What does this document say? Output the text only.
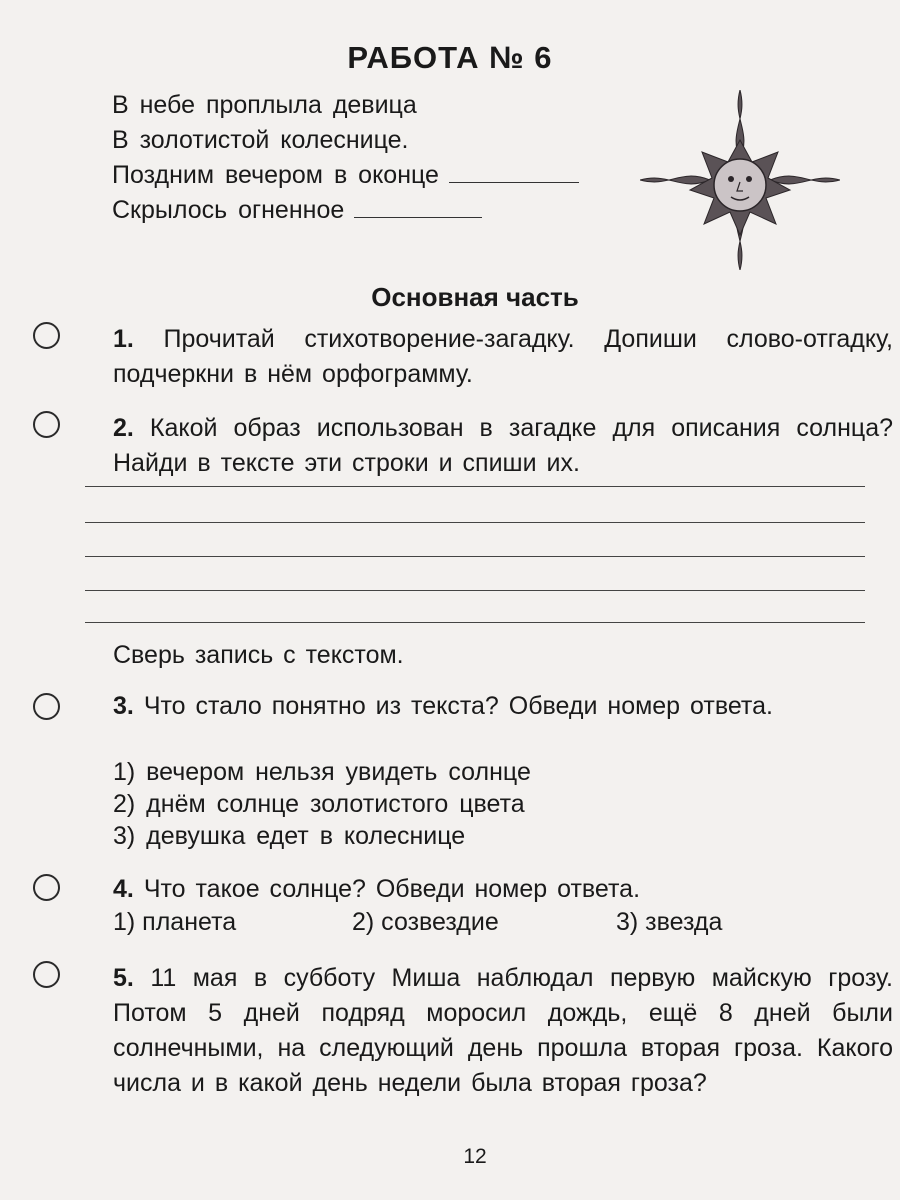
РАБОТА № 6
В небе проплыла девица
В золотистой колеснице.
Поздним вечером в оконце
Скрылось огненное
Основная часть
1. Прочитай стихотворение-загадку. Допиши слово-отгадку, подчеркни в нём орфограмму.
2. Какой образ использован в загадке для описания солнца? Найди в тексте эти строки и спиши их.
Сверь запись с текстом.
3. Что стало понятно из текста? Обведи номер ответа.
1) вечером нельзя увидеть солнце
2) днём солнце золотистого цвета
3) девушка едет в колеснице
4. Что такое солнце? Обведи номер ответа.
1) планета	2) созвездие	3) звезда
5. 11 мая в субботу Миша наблюдал первую майскую грозу. Потом 5 дней подряд моросил дождь, ещё 8 дней были солнечными, на следующий день прошла вторая гроза. Какого числа и в какой день недели была вторая гроза?
12
